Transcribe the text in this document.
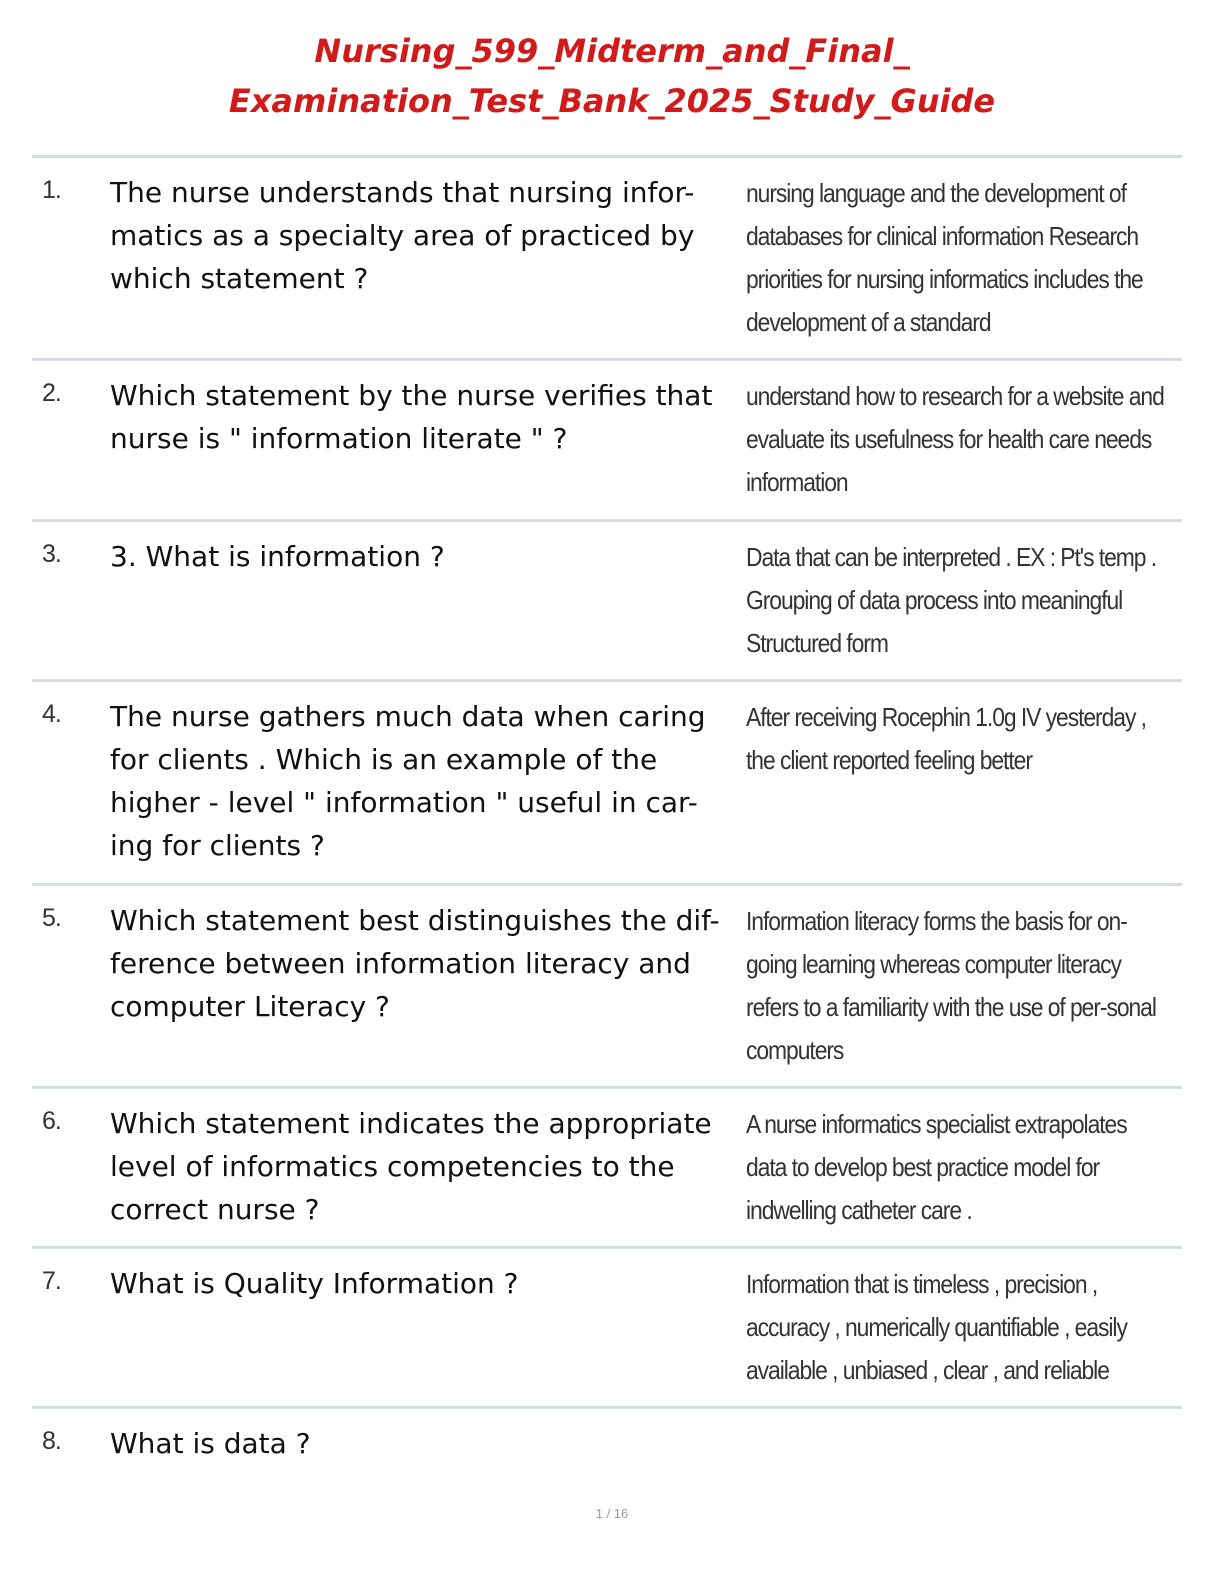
Nursing_599_Midterm_and_Final_
Examination_Test_Bank_2025_Study_Guide
1. The nurse understands that nursing infor-matics as a specialty area of practiced by which statement ?
nursing language and the development of databases for clinical information Research priorities for nursing informatics includes the development of a standard
2. Which statement by the nurse verifies that nurse is " information literate " ?
understand how to research for a website and evaluate its usefulness for health care needs information
3. 3. What is information ?	Data that can be interpreted . EX : Pt's temp . Grouping of data process into meaningful Structured form
4. The nurse gathers much data when caring for clients . Which is an example of the higher - level " information " useful in car-ing for clients ?
After receiving Rocephin 1.0g IV yesterday , the client reported feeling better
5. Which statement best distinguishes the dif-ference between information literacy and computer Literacy ?
Information literacy forms the basis for on-going learning whereas computer literacy refers to a familiarity with the use of per-sonal computers
6. Which statement indicates the appropriate level of informatics competencies to the correct nurse ?
A nurse informatics specialist extrapolates data to develop best practice model for indwelling catheter care .
7. What is Quality Information ?	Information that is timeless , precision , accuracy , numerically quantifiable , easily available , unbiased , clear , and reliable
8. What is data ?
1 / 16
